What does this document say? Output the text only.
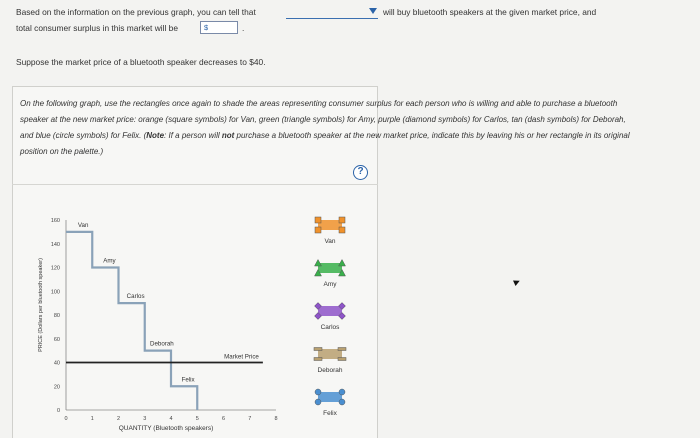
Based on the information on the previous graph, you can tell that	will buy bluetooth speakers at the given market price, and
total consumer surplus in this market will be	$	.
Suppose the market price of a bluetooth speaker decreases to $40.
On the following graph, use the rectangles once again to shade the areas representing consumer surplus for each person who is willing and able to purchase a bluetooth speaker at the new market price: orange (square symbols) for Van, green (triangle symbols) for Amy, purple (diamond symbols) for Carlos, tan (dash symbols) for Deborah, and blue (circle symbols) for Felix. (Note: If a person will not purchase a bluetooth speaker at the new market price, indicate this by leaving his or her rectangle in its original position on the palette.)
?
0
20
40
60
80
100
120
140
160
0	1	2	3	4	5	6	7	8
QUANTITY (Bluetooth speakers)
PRICE (Dollars per bluetooth speaker)
Van
Amy
Carlos
Deborah
Felix
Market Price
Van
Amy
Carlos
Deborah
Felix
